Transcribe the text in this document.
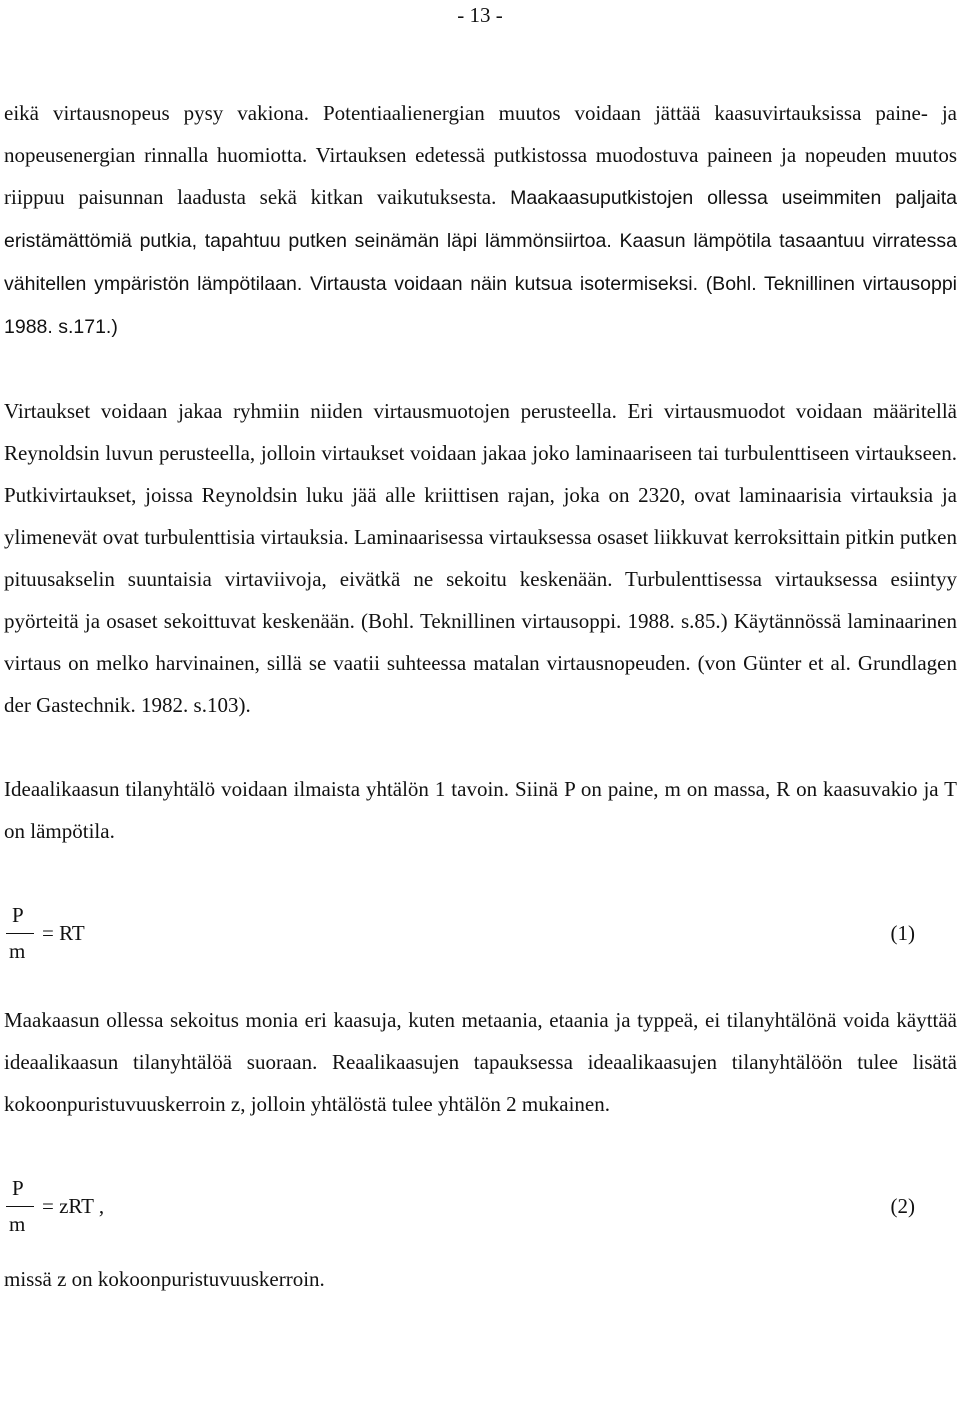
- 13 -

eikä virtausnopeus pysy vakiona. Potentiaalienergian muutos voidaan jättää kaasuvirtauksissa paine- ja nopeusenergian rinnalla huomiotta. Virtauksen edetessä putkistossa muodostuva paineen ja nopeuden muutos riippuu paisunnan laadusta sekä kitkan vaikutuksesta. Maakaasuputkistojen ollessa useimmiten paljaita eristämättömiä putkia, tapahtuu putken seinämän läpi lämmönsiirtoa. Kaasun lämpötila tasaantuu virratessa vähitellen ympäristön lämpötilaan. Virtausta voidaan näin kutsua isotermiseksi. (Bohl. Teknillinen virtausoppi 1988. s.171.)

Virtaukset voidaan jakaa ryhmiin niiden virtausmuotojen perusteella. Eri virtausmuodot voidaan määritellä Reynoldsin luvun perusteella, jolloin virtaukset voidaan jakaa joko laminaariseen tai turbulenttiseen virtaukseen. Putkivirtaukset, joissa Reynoldsin luku jää alle kriittisen rajan, joka on 2320, ovat laminaarisia virtauksia ja ylimenevät ovat turbulenttisia virtauksia. Laminaarisessa virtauksessa osaset liikkuvat kerroksittain pitkin putken pituusakselin suuntaisia virtaviivoja, eivätkä ne sekoitu keskenään. Turbulenttisessa virtauksessa esiintyy pyörteitä ja osaset sekoittuvat keskenään. (Bohl. Teknillinen virtausoppi. 1988. s.85.) Käytännössä laminaarinen virtaus on melko harvinainen, sillä se vaatii suhteessa matalan virtausnopeuden. (von Günter et al. Grundlagen der Gastechnik. 1982. s.103).

Ideaalikaasun tilanyhtälö voidaan ilmaista yhtälön 1 tavoin. Siinä P on paine, m on massa, R on kaasuvakio ja T on lämpötila.

P
m
= RT	(1)

Maakaasun ollessa sekoitus monia eri kaasuja, kuten metaania, etaania ja typpeä, ei tilanyhtälönä voida käyttää ideaalikaasun tilanyhtälöä suoraan. Reaalikaasujen tapauksessa ideaalikaasujen tilanyhtälöön tulee lisätä kokoonpuristuvuuskerroin z, jolloin yhtälöstä tulee yhtälön 2 mukainen.

P
m
= zRT ,	(2)

missä z on kokoonpuristuvuuskerroin.
